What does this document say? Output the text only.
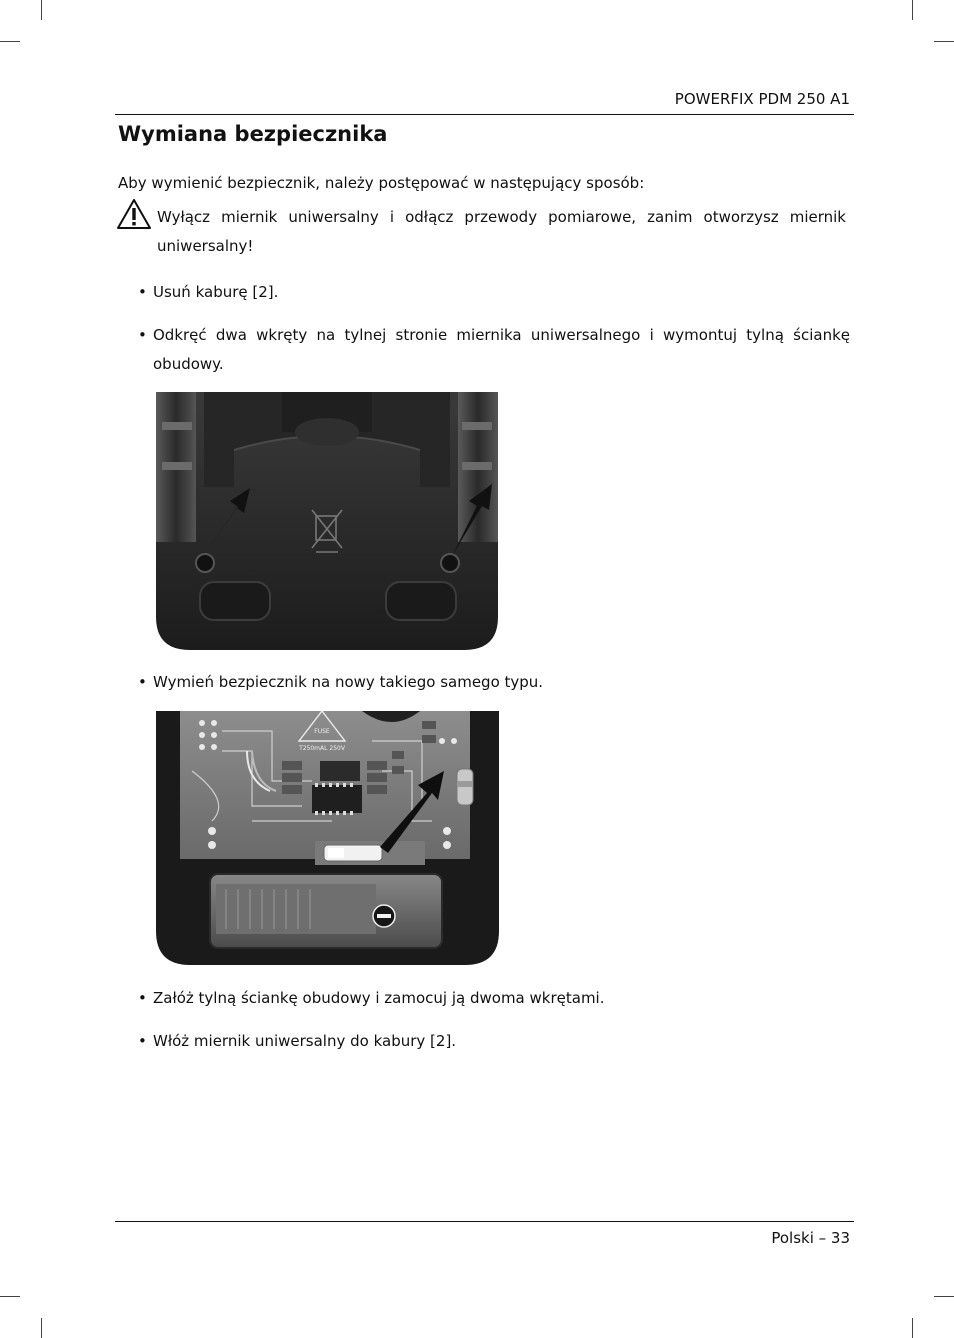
POWERFIX PDM 250 A1
Wymiana bezpiecznika
Aby wymienić bezpiecznik, należy postępować w następujący sposób:
Wyłącz miernik uniwersalny i odłącz przewody pomiarowe, zanim otworzysz miernik uniwersalny!
• Usuń kaburę [2].
• Odkręć dwa wkręty na tylnej stronie miernika uniwersalnego i wymontuj tylną ściankę obudowy.
• Wymień bezpiecznik na nowy takiego samego typu.
FUSE
T250mAL 250V
• Załóż tylną ściankę obudowy i zamocuj ją dwoma wkrętami.
• Włóż miernik uniwersalny do kabury [2].
Polski – 33
